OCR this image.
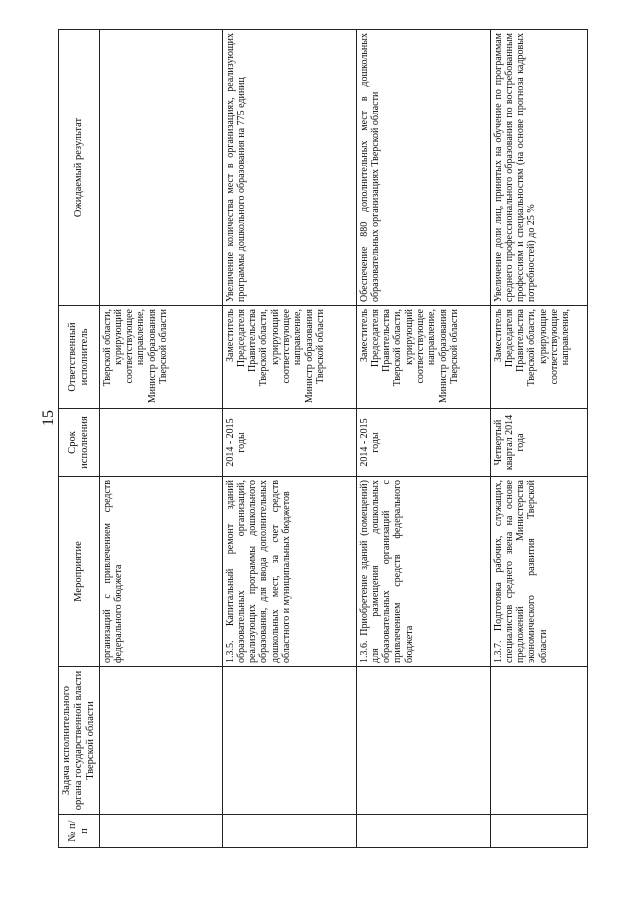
15
№ п/п	Задача исполнительного органа государственной власти Тверской области	Мероприятие	Срок исполнения	Ответственный исполнитель	Ожидаемый результат
		организаций с привлечением средств федерального бюджета		Тверской области, курирующий соответствующее направление, Министр образования Тверской области	
		1.3.5. Капитальный ремонт зданий образовательных организаций, реализующих программы дошкольного образования, для ввода дополнительных дошкольных мест, за счет средств областного и муниципальных бюджетов	2014 - 2015 годы	Заместитель Председателя Правительства Тверской области, курирующий соответствующее направление, Министр образования Тверской области	Увеличение количества мест в организациях, реализующих программы дошкольного образования на 775 единиц
		1.3.6. Приобретение зданий (помещений) для размещения дошкольных образовательных организаций с привлечением средств федерального бюджета	2014 - 2015 годы	Заместитель Председателя Правительства Тверской области, курирующий соответствующее направление, Министр образования Тверской области	Обеспечение 880 дополнительных мест в дошкольных образовательных организациях Тверской области
		1.3.7. Подготовка рабочих, служащих, специалистов среднего звена на основе предложений Министерства экономического развития Тверской области	Четвертый квартал 2014 года	Заместитель Председателя Правительства Тверской области, курирующие соответствующие направления,	Увеличение доли лиц, принятых на обучение по программам среднего профессионального образования по востребованным профессиям и специальностям (на основе прогноза кадровых потребностей) до 25 %
